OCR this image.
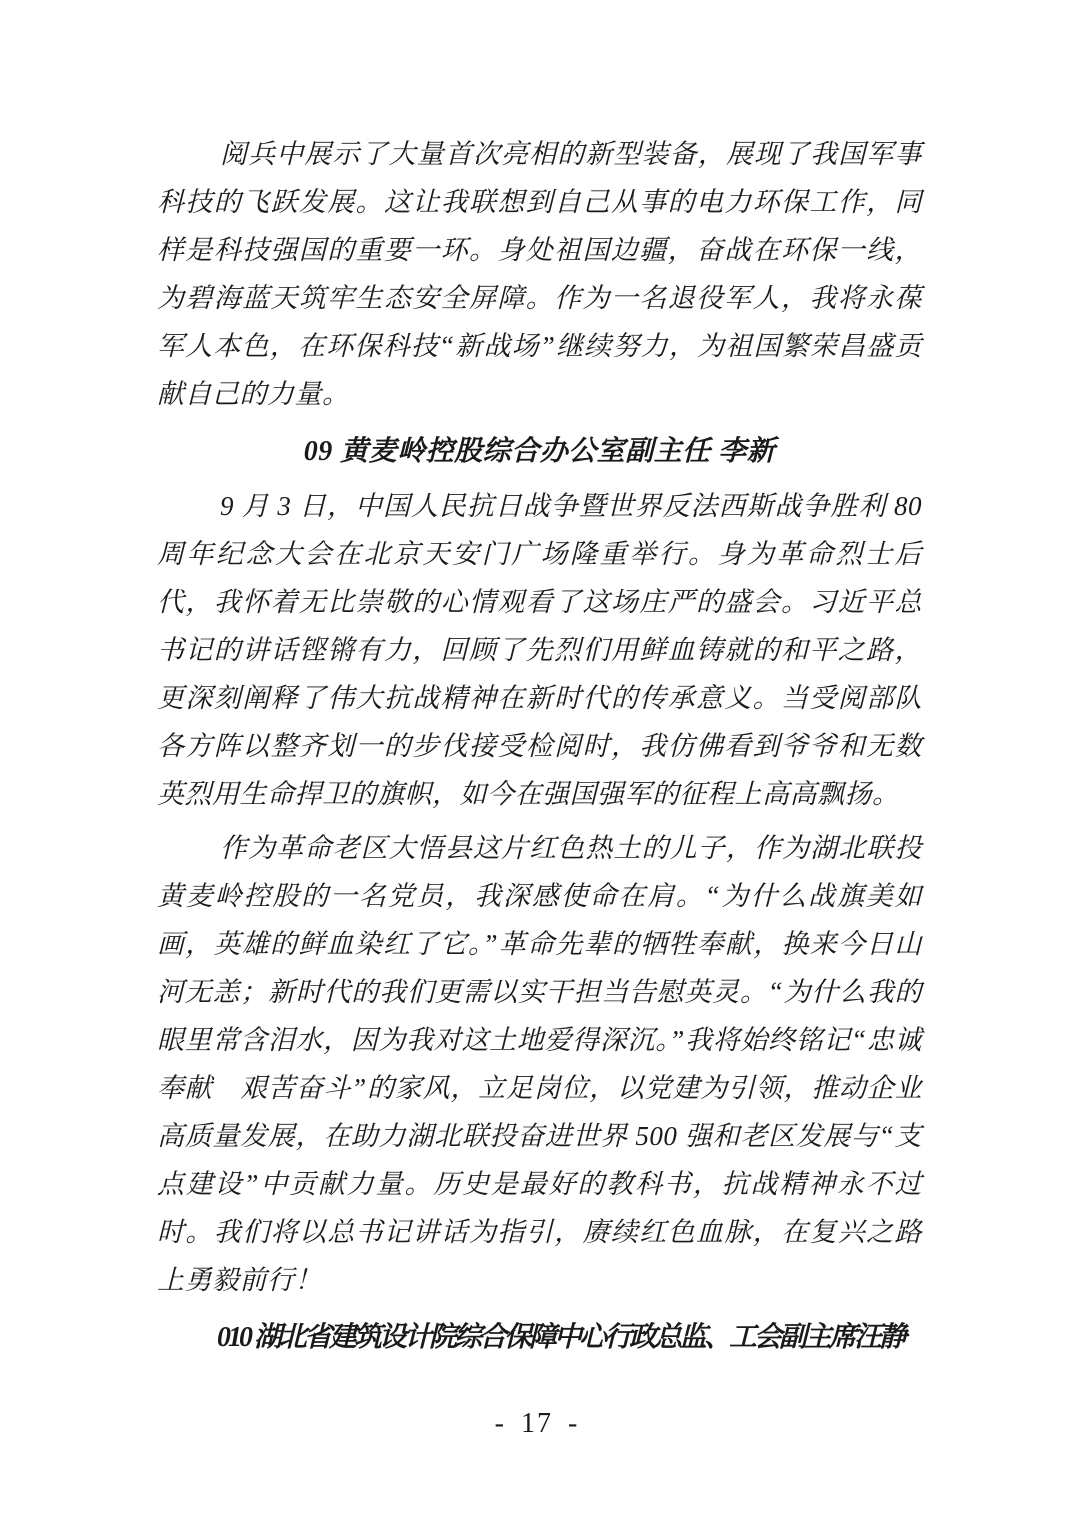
阅兵中展示了大量首次亮相的新型装备，展现了我国军事科技的飞跃发展。这让我联想到自己从事的电力环保工作，同样是科技强国的重要一环。身处祖国边疆，奋战在环保一线，为碧海蓝天筑牢生态安全屏障。作为一名退役军人，我将永葆军人本色，在环保科技“新战场”继续努力，为祖国繁荣昌盛贡献自己的力量。

09 黄麦岭控股综合办公室副主任 李新

9 月 3 日，中国人民抗日战争暨世界反法西斯战争胜利 80 周年纪念大会在北京天安门广场隆重举行。身为革命烈士后代，我怀着无比崇敬的心情观看了这场庄严的盛会。习近平总书记的讲话铿锵有力，回顾了先烈们用鲜血铸就的和平之路，更深刻阐释了伟大抗战精神在新时代的传承意义。当受阅部队各方阵以整齐划一的步伐接受检阅时，我仿佛看到爷爷和无数英烈用生命捍卫的旗帜，如今在强国强军的征程上高高飘扬。

作为革命老区大悟县这片红色热土的儿子，作为湖北联投黄麦岭控股的一名党员，我深感使命在肩。“为什么战旗美如画，英雄的鲜血染红了它。”革命先辈的牺牲奉献，换来今日山河无恙；新时代的我们更需以实干担当告慰英灵。“为什么我的眼里常含泪水，因为我对这土地爱得深沉。”我将始终铭记“忠诚奉献　艰苦奋斗”的家风，立足岗位，以党建为引领，推动企业高质量发展，在助力湖北联投奋进世界 500 强和老区发展与“支点建设”中贡献力量。历史是最好的教科书，抗战精神永不过时。我们将以总书记讲话为指引，赓续红色血脉，在复兴之路上勇毅前行！

010 湖北省建筑设计院综合保障中心行政总监、工会副主席汪静

- 17 -
